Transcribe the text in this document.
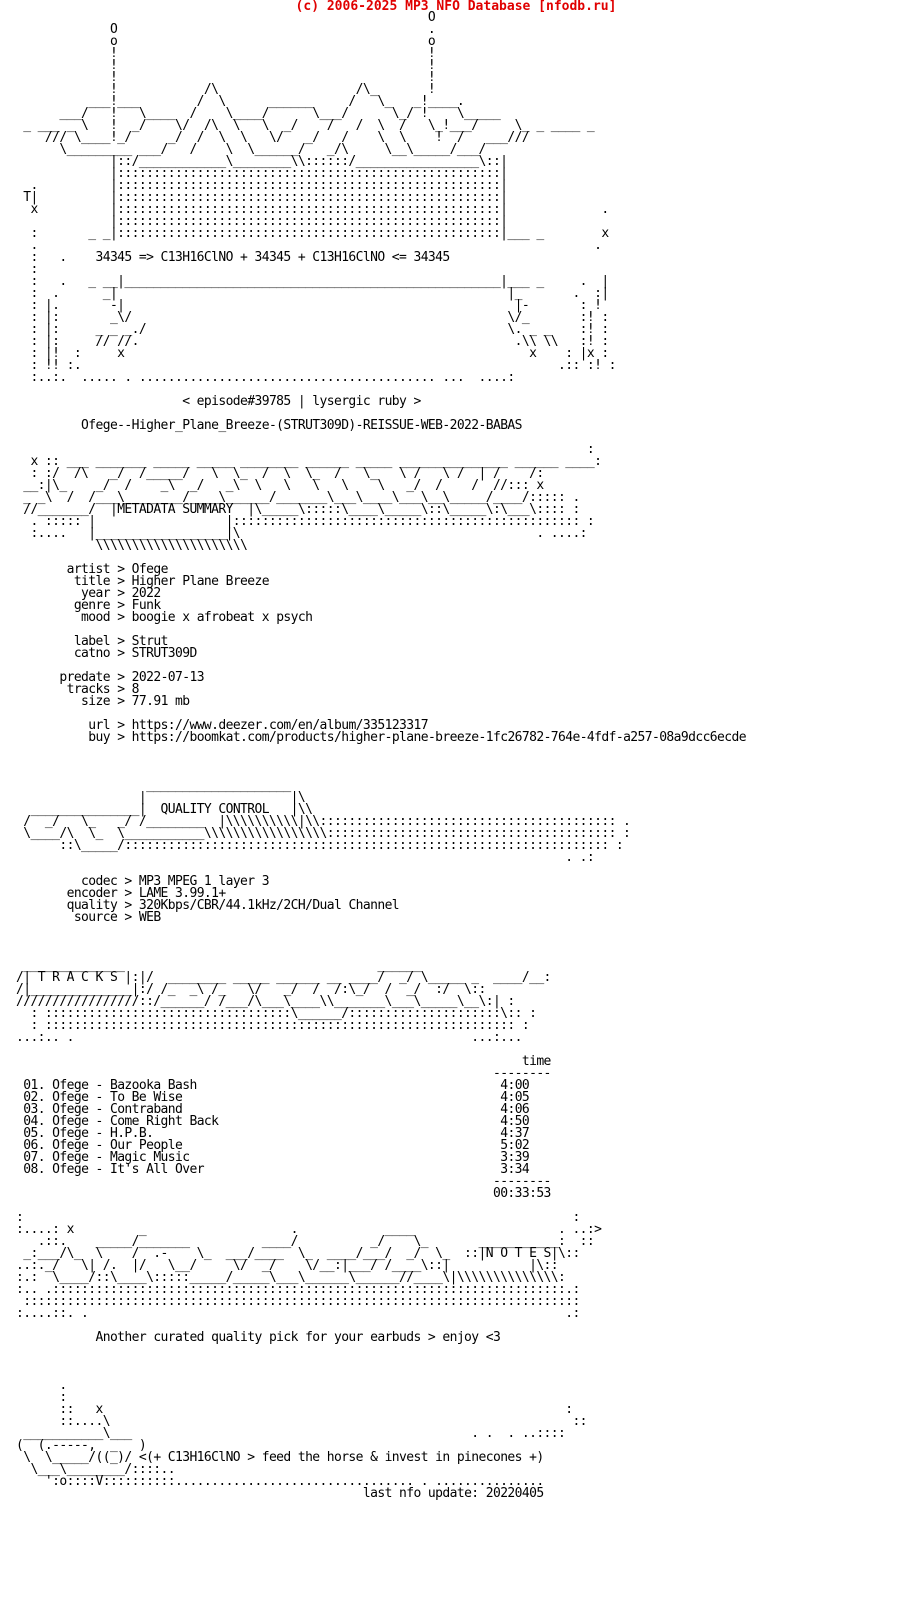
(c) 2006-2025 MP3 NFO Database [nfodb.ru]
O
O                                           .
o                                           o
!                                           !
!                                           !
!                                           !
!            /\                   /\_       !
___!___        /  \      ______     /   \_   _!____.
___/   !   \____  /    \____/      \___/      \_/ !    \_____
_ ___ _ \   !  _/    \/  /\  \   \  _/    /   /  \  /   \_!___/     \_ _ ____ _
/// \____!_/     _/  /  \  \   \/   _/   /    \  \    !  /   ___///
\_________ ___/   /    \  \______/   _/\     \__\_____/___/
|::/____________\________\\::::::/_________________\::|
|:::::::::::::::::::::::::::::::::::::::::::::::::::::|
.          |:::::::::::::::::::::::::::::::::::::::::::::::::::::|
T|          |:::::::::::::::::::::::::::::::::::::::::::::::::::::|
x          |:::::::::::::::::::::::::::::::::::::::::::::::::::::|             .
|:::::::::::::::::::::::::::::::::::::::::::::::::::::|
:       _ _|:::::::::::::::::::::::::::::::::::::::::::::::::::::|___ _        x
.                                                                             .
:   .    34345 => C13H16ClNO + 34345 + C13H16ClNO <= 34345
:
:   .   _ __|____________________________________________________|___ _     .  |
:  .      _|                                                      |_       .  :|
: |.       -|                                                      |-       : !
: |:       _\/                                                    \/_       :! :
: |:     _ _ _./                                                  \. _ _    :! :
: |:     // //.                                                    .\\ \\   :! :
: |!  :     x                                                        x    : |x :
: !! :.                                                                  .:: :! :
:..:.  ..... . ......................................... ...  ....:

< episode#39785 | lysergic ruby >

Ofege--Higher_Plane_Breeze-(STRUT309D)-REISSUE-WEB-2022-BABAS

:
x :: ___ _______ _____ _____ ________ ______ _____ _______________ ______ ____:
: :/  /\   _/  /_____/   \  \_  /  \  \_  /   \_   \ /   \ /  | /    /:
__:|\_    _/  /    _\  _/   _\  \   \   \   \    \   _/  /    /  //::: x
_ _\  /  /___\________/____\______/_______\___\____\___\__\_____/____/::::: .
//_______/  |METADATA SUMMARY  |\_____\:::::\____\_____\::\_____\:\___\:::: :
. ::::: |                  |:::::::::::::::::::::::::::::::::::::::::::::::: :
:....   |__________________|\                                         . ....:
\\\\\\\\\\\\\\\\\\\\\

artist > Ofege
title > Higher Plane Breeze
year > 2022
genre > Funk
mood > boogie x afrobeat x psych

label > Strut
catno > STRUT309D

predate > 2022-07-13
tracks > 8
size > 77.91 mb

url > https://www.deezer.com/en/album/335123317
buy > https://boomkat.com/products/higher-plane-breeze-1fc26782-764e-4fdf-a257-08a9dcc6ecde

____________________
|                    |\
_______________|  QUALITY CONTROL   |\\
/  _/   \_   _/ /________  |\\\\\\\\\\|\\::::::::::::::::::::::::::::::::::::::::: .
\____/\  \_  \___________\\\\\\\\\\\\\\\\\:::::::::::::::::::::::::::::::::::::::: :
::\_____/::::::::::::::::::::::::::::::::::::::::::::::::::::::::::::::::::: :
. .:

codec > MP3 MPEG 1 layer 3
encoder > LAME 3.99.1+
quality > 320Kbps/CBR/44.1kHz/2CH/Dual Channel
source > WEB

______________                                   ______
/| T R A C K S |:|/  ________ _____ ______ __ ____/  _/ \_____ _  ____/__:
/|______________|:/ /_  _\ /_   \/   _/  /  /:\_/  /  _/  :/  \::
/////////////////::/______/ /___/\___\____\\_______\___\_____\__\:| :
: ::::::::::::::::::::::::::::::::::\______/:::::::::::::::::::::\:: :
: ::::::::::::::::::::::::::::::::::::::::::::::::::::::::::::::::: :
...:.. .                                                       ...:...

time
--------
01. Ofege - Bazooka Bash	4:00
02. Ofege - To Be Wise	4:05
03. Ofege - Contraband	4:06
04. Ofege - Come Right Back	4:50
05. Ofege - H.P.B.	4:37
06. Ofege - Our People	5:02
07. Ofege - Magic Music	3:39
08. Ofege - It's All Over	3:34
--------
00:33:53

:                                                                            :
:....: x         _                    .            ____                    . ..:>
.::.    _____/_______          ____/          _/    \_       ___________:  ::
_:___/\_  \    /  .-    \_  ___/____  \_  ____/___/  _/  \_  ::|N O T E S|\::
..:._/   \| /.  |/   \__/     \/  _/    \/__:|___/ /____\::|           |\::
:.:  \____/::\____\:::::_____/_____\___\______\______//____\|\\\\\\\\\\\\\\:
:.. .:::::::::::::::::::::::::::::::::::::::::::::::::::::::::::::::::::::::.:
:::::::::::::::::::::::::::::::::::::::::::::::::::::::::::::::::::::::::::::
:....::. .                                                                  .:

Another curated quality pick for your earbuds > enjoy <3

.
:
::   x                                                                :
::....\                                                                ::
___________\___                                               . .  . ..::::
(  (.-----,  _   )
\  \_____/((_)/ <(+ C13H16ClNO > feed the horse & invest in pinecones +)
\___\________/::::..
':o::::V::::::::::................................. . ...............
last nfo update: 20220405
